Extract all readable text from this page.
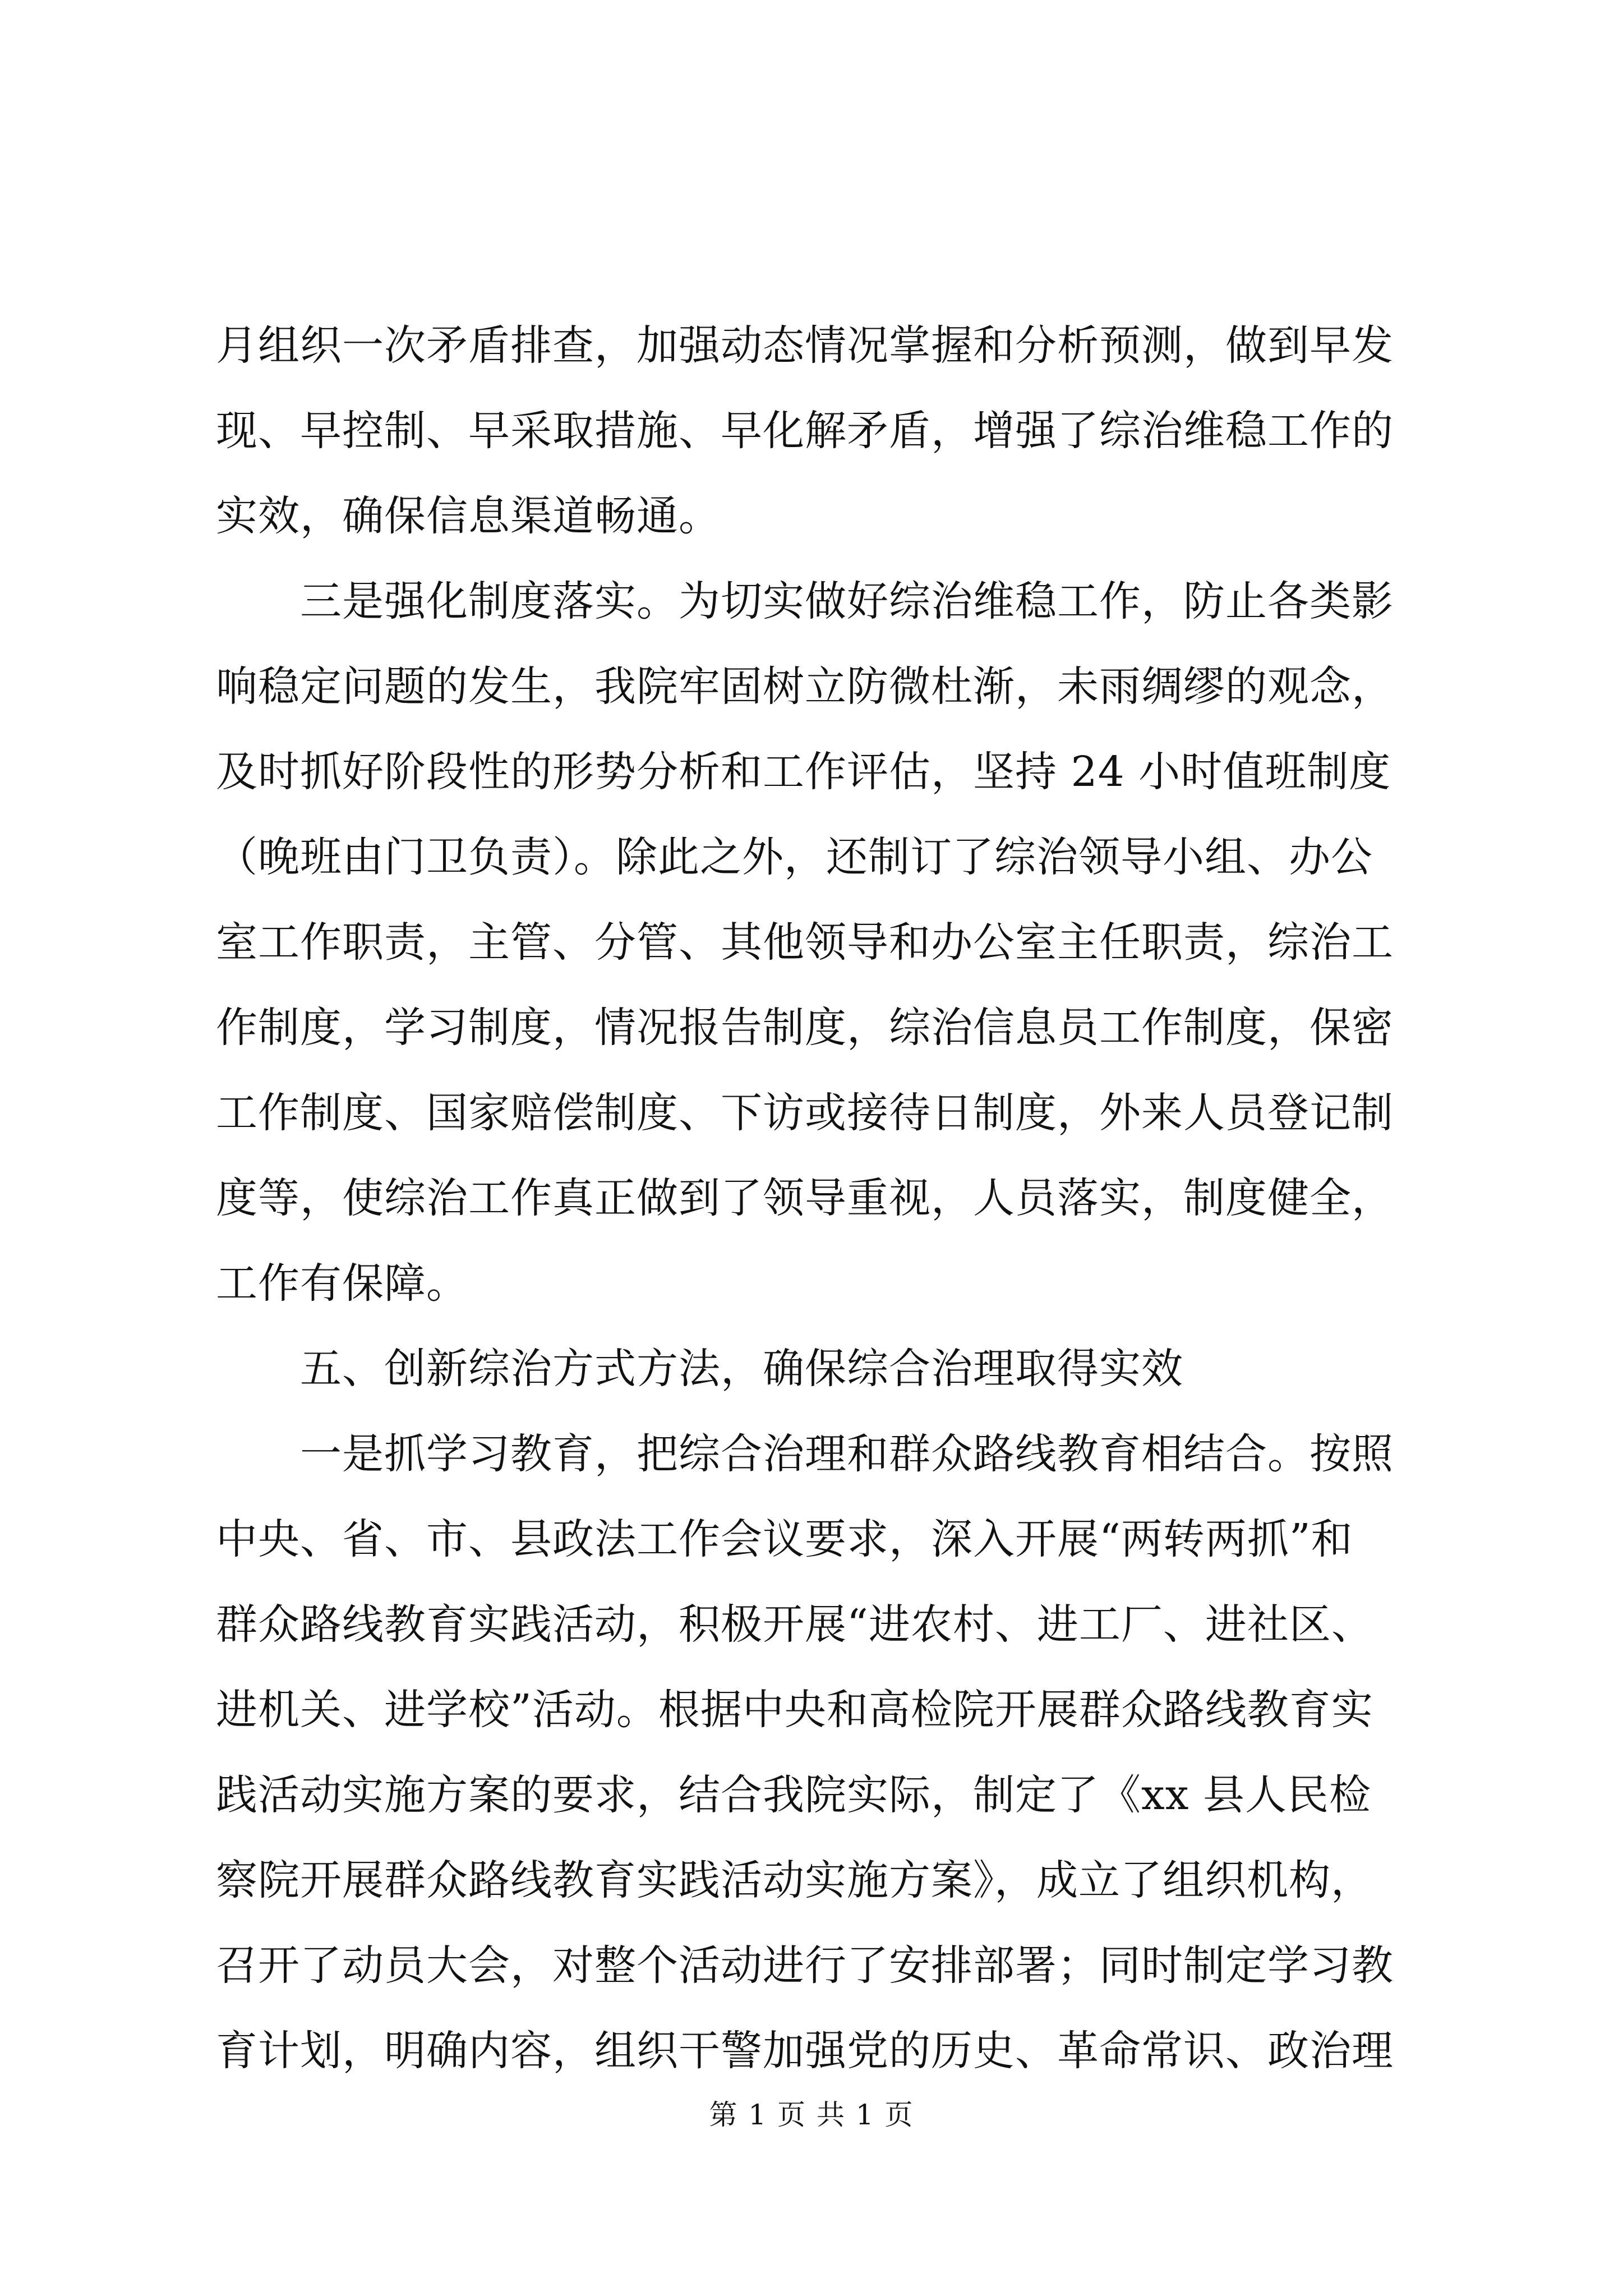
月组织一次矛盾排查，加强动态情况掌握和分析预测，做到早发
现、早控制、早采取措施、早化解矛盾，增强了综治维稳工作的
实效，确保信息渠道畅通。
三是强化制度落实。为切实做好综治维稳工作，防止各类影
响稳定问题的发生，我院牢固树立防微杜渐，未雨绸缪的观念，
及时抓好阶段性的形势分析和工作评估，坚持 24 小时值班制度
（晚班由门卫负责）。除此之外，还制订了综治领导小组、办公
室工作职责，主管、分管、其他领导和办公室主任职责，综治工
作制度，学习制度，情况报告制度，综治信息员工作制度，保密
工作制度、国家赔偿制度、下访或接待日制度，外来人员登记制
度等，使综治工作真正做到了领导重视，人员落实，制度健全，
工作有保障。
五、创新综治方式方法，确保综合治理取得实效
一是抓学习教育，把综合治理和群众路线教育相结合。按照
中央、省、市、县政法工作会议要求，深入开展“两转两抓”和
群众路线教育实践活动，积极开展“进农村、进工厂、进社区、
进机关、进学校”活动。根据中央和高检院开展群众路线教育实
践活动实施方案的要求，结合我院实际，制定了《xx 县人民检
察院开展群众路线教育实践活动实施方案》，成立了组织机构，
召开了动员大会，对整个活动进行了安排部署；同时制定学习教
育计划，明确内容，组织干警加强党的历史、革命常识、政治理
第 1 页 共 1 页
